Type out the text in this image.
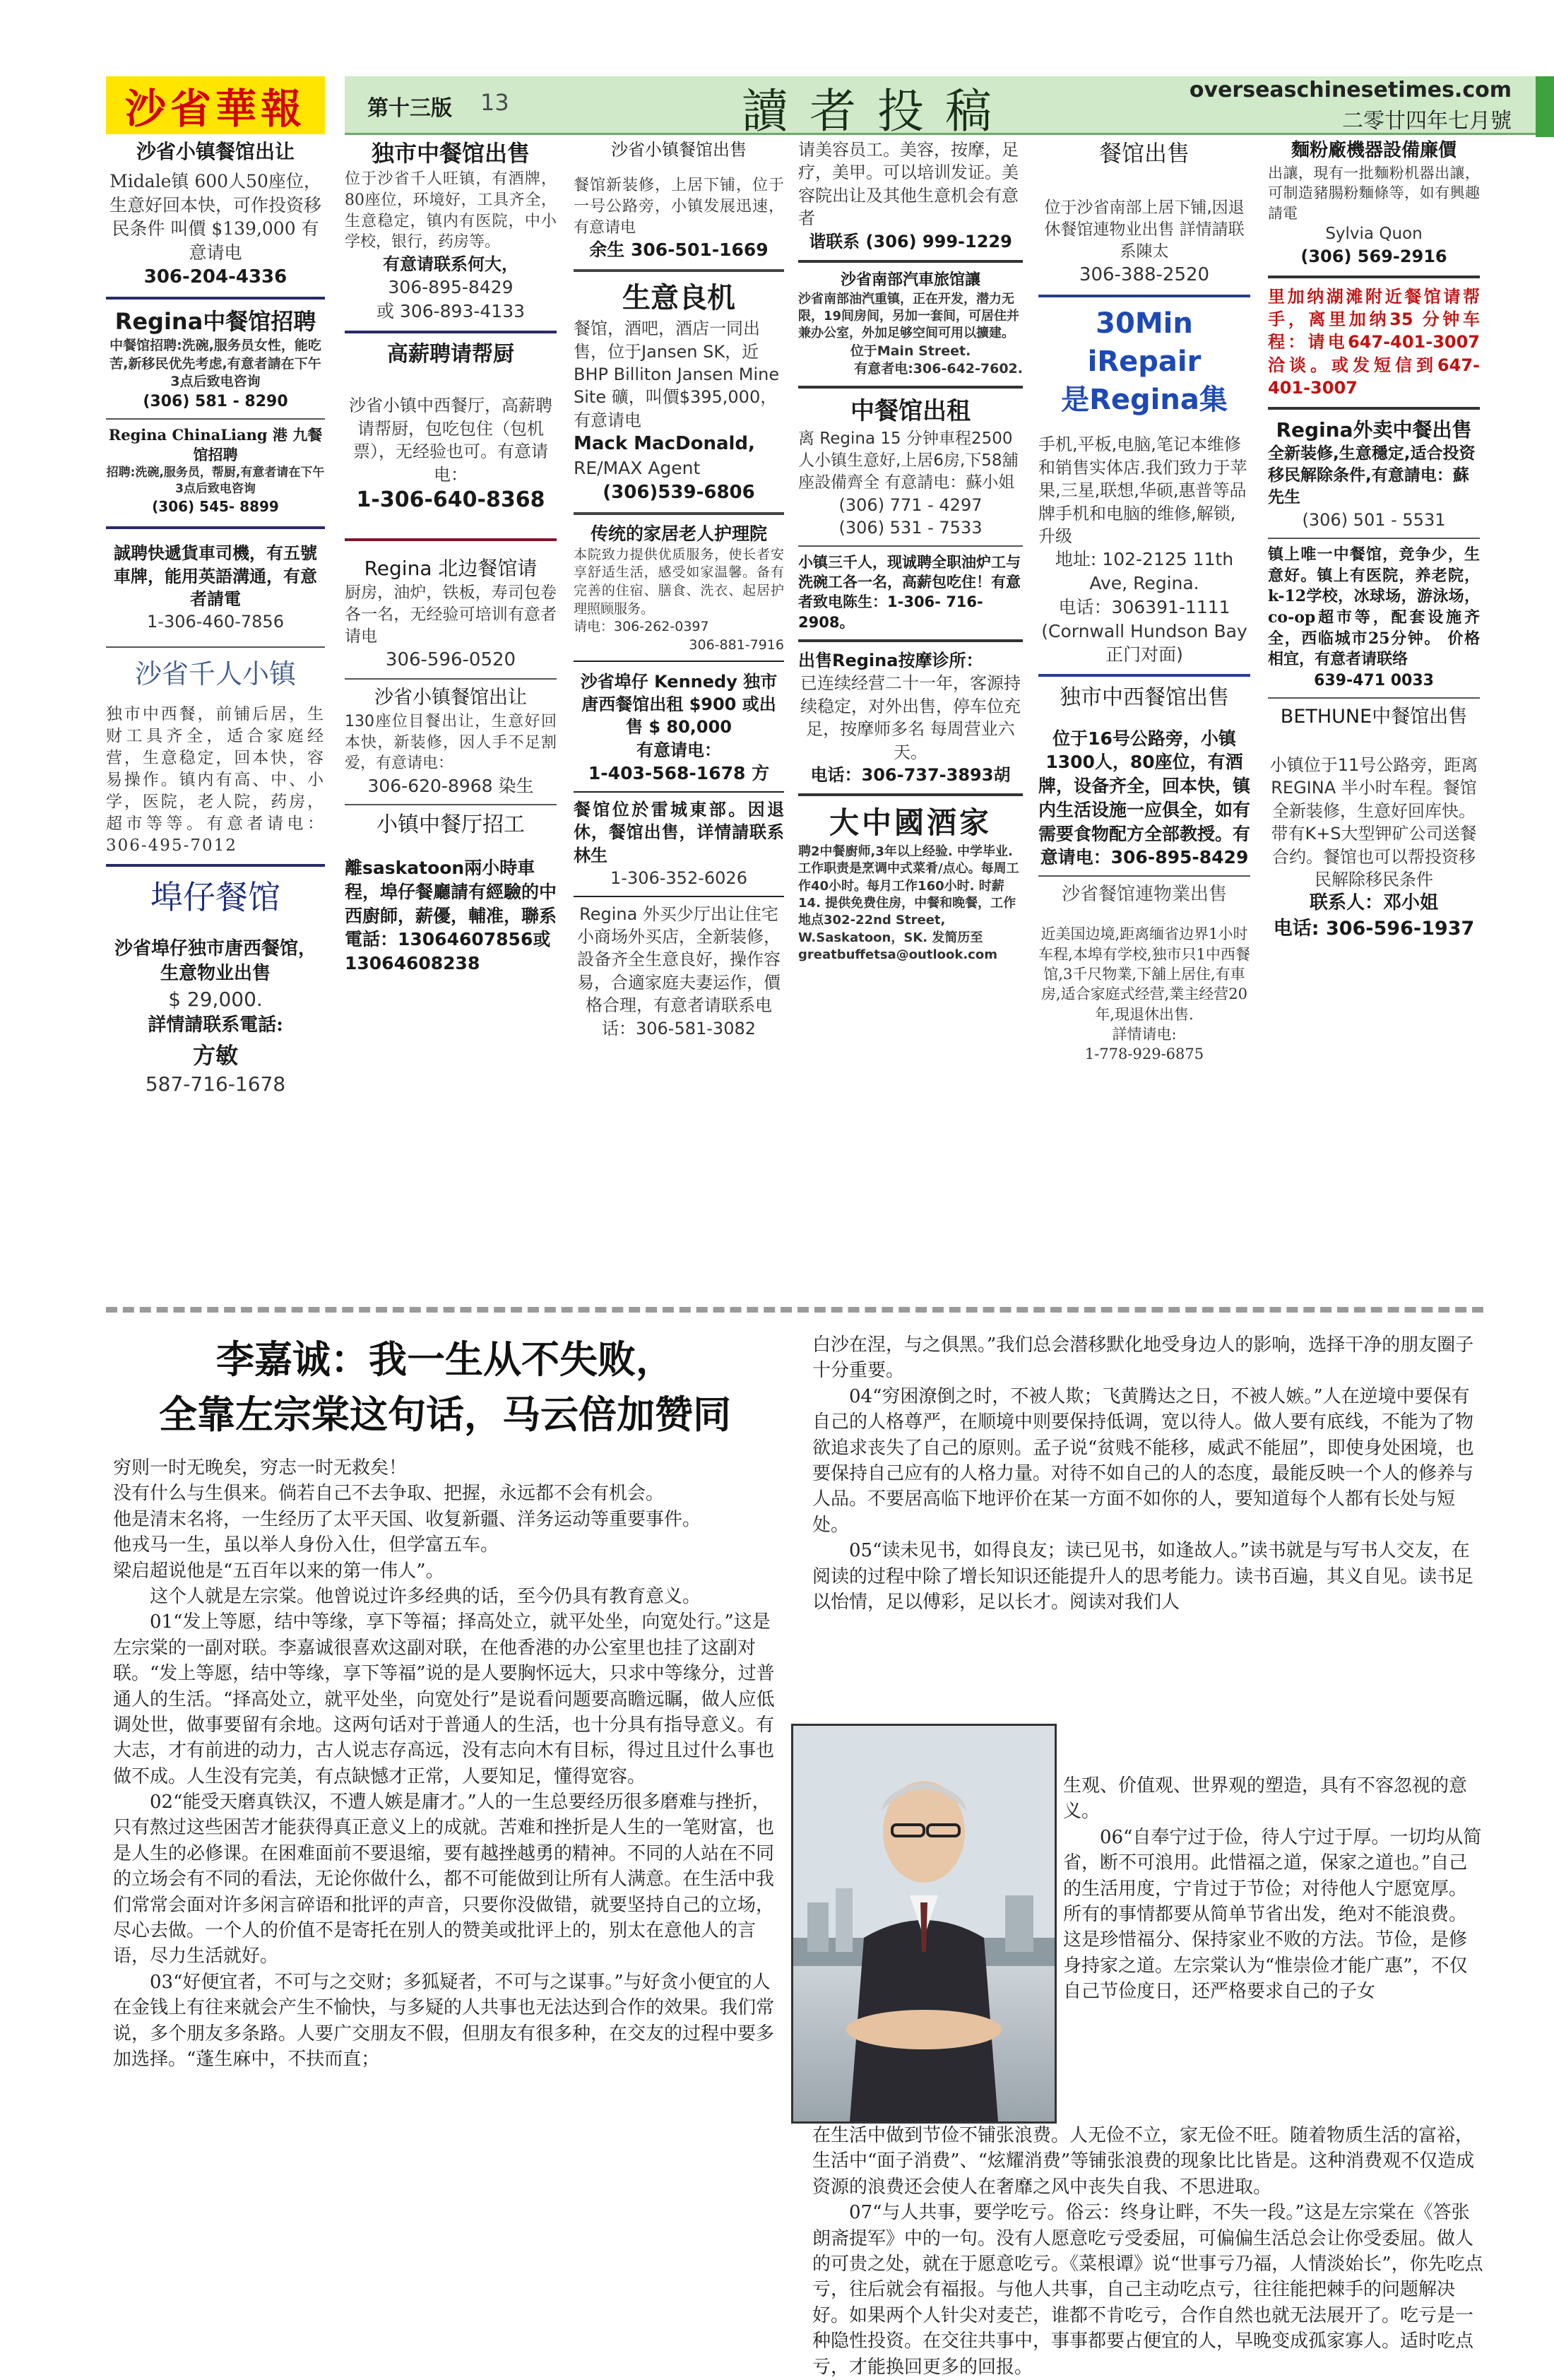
沙省華報	第十三版 13	讀者投稿	overseaschinesetimes.com
二零廿四年七月號
沙省小镇餐馆出让
Midale镇 600人50座位，生意好回本快，可作投资移民条件 叫價 $139,000 有意请电
306-204-4336
Regina中餐馆招聘
中餐馆招聘:洗碗,服务员女性，能吃苦,新移民优先考虑,有意者請在下午3点后致电咨询
(306) 581 - 8290
Regina ChinaLiang 港 九餐馆招聘
招聘:洗碗,服务员，帮厨,有意者请在下午3点后致电咨询
(306) 545- 8899
誠聘快遞貨車司機，有五號車牌，能用英語溝通，有意者請電
1-306-460-7856
沙省千人小镇
独市中西餐，前铺后居，生财工具齐全，适合家庭经营，生意稳定，回本快，容易操作。镇内有高、中、小学，医院，老人院，药房，超市等等。有意者请电：306-495-7012
埠仔餐馆
沙省埠仔独市唐西餐馆，生意物业出售
$ 29,000.
詳情請联系電話:
方敏
587-716-1678
独市中餐馆出售
位于沙省千人旺镇，有酒牌，80座位，环境好，工具齐全，生意稳定，镇内有医院，中小学校，银行，药房等。
有意请联系何大，
306-895-8429
或 306-893-4133
高薪聘请帮厨
沙省小镇中西餐厅，高薪聘请帮厨，包吃包住（包机票），无经验也可。有意请电：
1-306-640-8368
Regina 北边餐馆请
厨房，油炉，铁板，寿司包卷各一名，无经验可培训有意者请电
306-596-0520
沙省小镇餐馆出让
130座位目餐出让，生意好回本快，新装修，因人手不足割爱，有意请电：
306-620-8968 染生
小镇中餐厅招工
離saskatoon兩小時車程，埠仔餐廳請有經驗的中西廚師，薪優，輔准，聯系電話：13064607856或13064608238
沙省小镇餐馆出售
餐馆新装修，上居下铺，位于一号公路旁，小镇发展迅速，有意请电
余生 306-501-1669
生意良机
餐馆，酒吧，酒店一同出售，位于Jansen SK，近 BHP Billiton Jansen Mine Site 礦，叫價$395,000，有意请电
Mack MacDonald,
RE/MAX Agent
(306)539-6806
传统的家居老人护理院
本院致力提供优质服务，使长者安享舒适生活，感受如家温馨。备有完善的住宿、膳食、洗衣、起居护理照顾服务。
请电：306-262-0397
306-881-7916
沙省埠仔 Kennedy 独市唐西餐馆出租 $900 或出售 $ 80,000
有意请电：
1-403-568-1678 方
餐馆位於雷城東部。因退休，餐馆出售，详情請联系林生
1-306-352-6026
Regina 外买少厅出让住宅小商场外买店，全新装修，設备齐全生意良好，操作容易，合適家庭夫妻运作，價格合理，有意者请联系电话：306-581-3082
请美容员工。美容，按摩，足疗，美甲。可以培训发证。美容院出让及其他生意机会有意者
谐联系 (306) 999-1229
沙省南部汽車旅馆讓
沙省南部油汽重镇，正在开发，潜力无限，19间房间，另加一套间，可居住并兼办公室，外加足够空间可用以擴建。
位于Main Street.
有意者电:306-642-7602.
中餐馆出租
离 Regina 15 分钟車程2500人小镇生意好,上居6房,下58舖座設備齊全 有意請电：蘇小姐
(306) 771 - 4297
(306) 531 - 7533
小镇三千人，现诚聘全职油炉工与洗碗工各一名，高薪包吃住！有意者致电陈生：1-306- 716-2908。
出售Regina按摩诊所：
已连续经营二十一年，客源持续稳定，对外出售，停车位充足，按摩师多名 每周营业六天。
电话：306-737-3893胡
大中國酒家
聘2中餐廚师,3年以上经验. 中学毕业. 工作职责是烹调中式菜肴/点心。每周工作40小时。每月工作160小时. 时薪14. 提供免费住房，中餐和晚餐，工作地点302-22nd Street, W.Saskatoon，SK. 发简历至greatbuffetsa@outlook.com
餐馆出售
位于沙省南部上居下铺,因退休餐馆連物业出售 詳情請联系陳太
306-388-2520
30Min iRepair
是Regina集
手机,平板,电脑,笔记本维修和销售实体店.我们致力于苹果,三星,联想,华硕,惠普等品牌手机和电脑的维修,解锁,升级
地址: 102-2125 11th Ave, Regina.
电话：306391-1111
(Cornwall Hundson Bay 正门对面)
独市中西餐馆出售
位于16号公路旁，小镇1300人，80座位，有酒牌，设备齐全，回本快，镇内生活设施一应俱全，如有需要食物配方全部教授。有意请电：306-895-8429
沙省餐馆連物業出售
近美国边境,距离缅省边界1小时车程,本埠有学校,独市只1中西餐馆,3千尺物業,下舖上居住,有車房,适合家庭式经营,業主经营20年,現退休出售.
詳情请电:
1-778-929-6875
麵粉廠機器設備廉價
出讓，現有一批麵粉机器出讓，可制造豬腸粉麵條等，如有興趣請電
Sylvia Quon
(306) 569-2916
里加纳湖滩附近餐馆请帮手，离里加纳35 分钟车程：请电647-401-3007 洽谈。或发短信到647-401-3007
Regina外卖中餐出售
全新装修,生意穩定,适合投资移民解除条件,有意請电：蘇先生
(306) 501 - 5531
镇上唯一中餐馆，竞争少，生意好。镇上有医院，养老院，k-12学校，冰球场，游泳场，co-op超市等，配套设施齐全，西临城市25分钟。 价格相宜，有意者请联络
639-471 0033
BETHUNE中餐馆出售
小镇位于11号公路旁，距离REGINA 半小时车程。餐馆全新装修，生意好回库快。带有K+S大型钾矿公司送餐合约。餐馆也可以帮投资移民解除移民条件
联系人：邓小姐
电话: 306-596-1937
李嘉诚：我一生从不失败，
全靠左宗棠这句话，马云倍加赞同

穷则一时无晚矣，穷志一时无救矣！

没有什么与生俱来。倘若自己不去争取、把握，永远都不会有机会。

他是清末名将，一生经历了太平天国、收复新疆、洋务运动等重要事件。

他戎马一生，虽以举人身份入仕，但学富五车。

梁启超说他是“五百年以来的第一伟人”。

　　这个人就是左宗棠。他曾说过许多经典的话，至今仍具有教育意义。

　　01“发上等愿，结中等缘，享下等福；择高处立，就平处坐，向宽处行。”这是左宗棠的一副对联。李嘉诚很喜欢这副对联，在他香港的办公室里也挂了这副对联。“发上等愿，结中等缘，享下等福”说的是人要胸怀远大，只求中等缘分，过普通人的生活。“择高处立，就平处坐，向宽处行”是说看问题要高瞻远瞩，做人应低调处世，做事要留有余地。这两句话对于普通人的生活，也十分具有指导意义。有大志，才有前进的动力，古人说志存高远，没有志向木有目标，得过且过什么事也做不成。人生没有完美，有点缺憾才正常，人要知足，懂得宽容。

　　02“能受天磨真铁汉，不遭人嫉是庸才。”人的一生总要经历很多磨难与挫折，只有熬过这些困苦才能获得真正意义上的成就。苦难和挫折是人生的一笔财富，也是人生的必修课。在困难面前不要退缩，要有越挫越勇的精神。不同的人站在不同的立场会有不同的看法，无论你做什么，都不可能做到让所有人满意。在生活中我们常常会面对许多闲言碎语和批评的声音，只要你没做错，就要坚持自己的立场，尽心去做。一个人的价值不是寄托在别人的赞美或批评上的，别太在意他人的言语，尽力生活就好。

　　03“好便宜者，不可与之交财；多狐疑者，不可与之谋事。”与好贪小便宜的人在金钱上有往来就会产生不愉快，与多疑的人共事也无法达到合作的效果。我们常说，多个朋友多条路。人要广交朋友不假，但朋友有很多种，在交友的过程中要多加选择。“蓬生麻中，不扶而直；

白沙在涅，与之俱黑。”我们总会潜移默化地受身边人的影响，选择干净的朋友圈子十分重要。

　　04“穷困潦倒之时，不被人欺；飞黄腾达之日，不被人嫉。”人在逆境中要保有自己的人格尊严，在顺境中则要保持低调，宽以待人。做人要有底线，不能为了物欲追求丧失了自己的原则。孟子说“贫贱不能移，威武不能屈”，即使身处困境，也要保持自己应有的人格力量。对待不如自己的人的态度，最能反映一个人的修养与人品。不要居高临下地评价在某一方面不如你的人，要知道每个人都有长处与短处。

　　05“读未见书，如得良友；读已见书，如逢故人。”读书就是与写书人交友，在阅读的过程中除了增长知识还能提升人的思考能力。读书百遍，其义自见。读书足以怡情，足以傅彩，足以长才。阅读对我们人

生观、价值观、世界观的塑造，具有不容忽视的意义。

　　06“自奉宁过于俭，待人宁过于厚。一切均从简省，断不可浪用。此惜福之道，保家之道也。”自己的生活用度，宁肯过于节俭；对待他人宁愿宽厚。所有的事情都要从简单节省出发，绝对不能浪费。这是珍惜福分、保持家业不败的方法。节俭，是修身持家之道。左宗棠认为“惟崇俭才能广惠”，不仅自己节俭度日，还严格要求自己的子女

在生活中做到节俭不铺张浪费。人无俭不立，家无俭不旺。随着物质生活的富裕，生活中“面子消费”、“炫耀消费”等铺张浪费的现象比比皆是。这种消费观不仅造成资源的浪费还会使人在奢靡之风中丧失自我、不思进取。

　　07“与人共事，要学吃亏。俗云：终身让畔，不失一段。”这是左宗棠在《答张朗斋提军》中的一句。没有人愿意吃亏受委屈，可偏偏生活总会让你受委屈。做人的可贵之处，就在于愿意吃亏。《菜根谭》说“世事亏乃福，人情淡始长”，你先吃点亏，往后就会有福报。与他人共事，自己主动吃点亏，往往能把棘手的问题解决好。如果两个人针尖对麦芒，谁都不肯吃亏，合作自然也就无法展开了。吃亏是一种隐性投资。在交往共事中，事事都要占便宜的人，早晚变成孤家寡人。适时吃点亏，才能换回更多的回报。
